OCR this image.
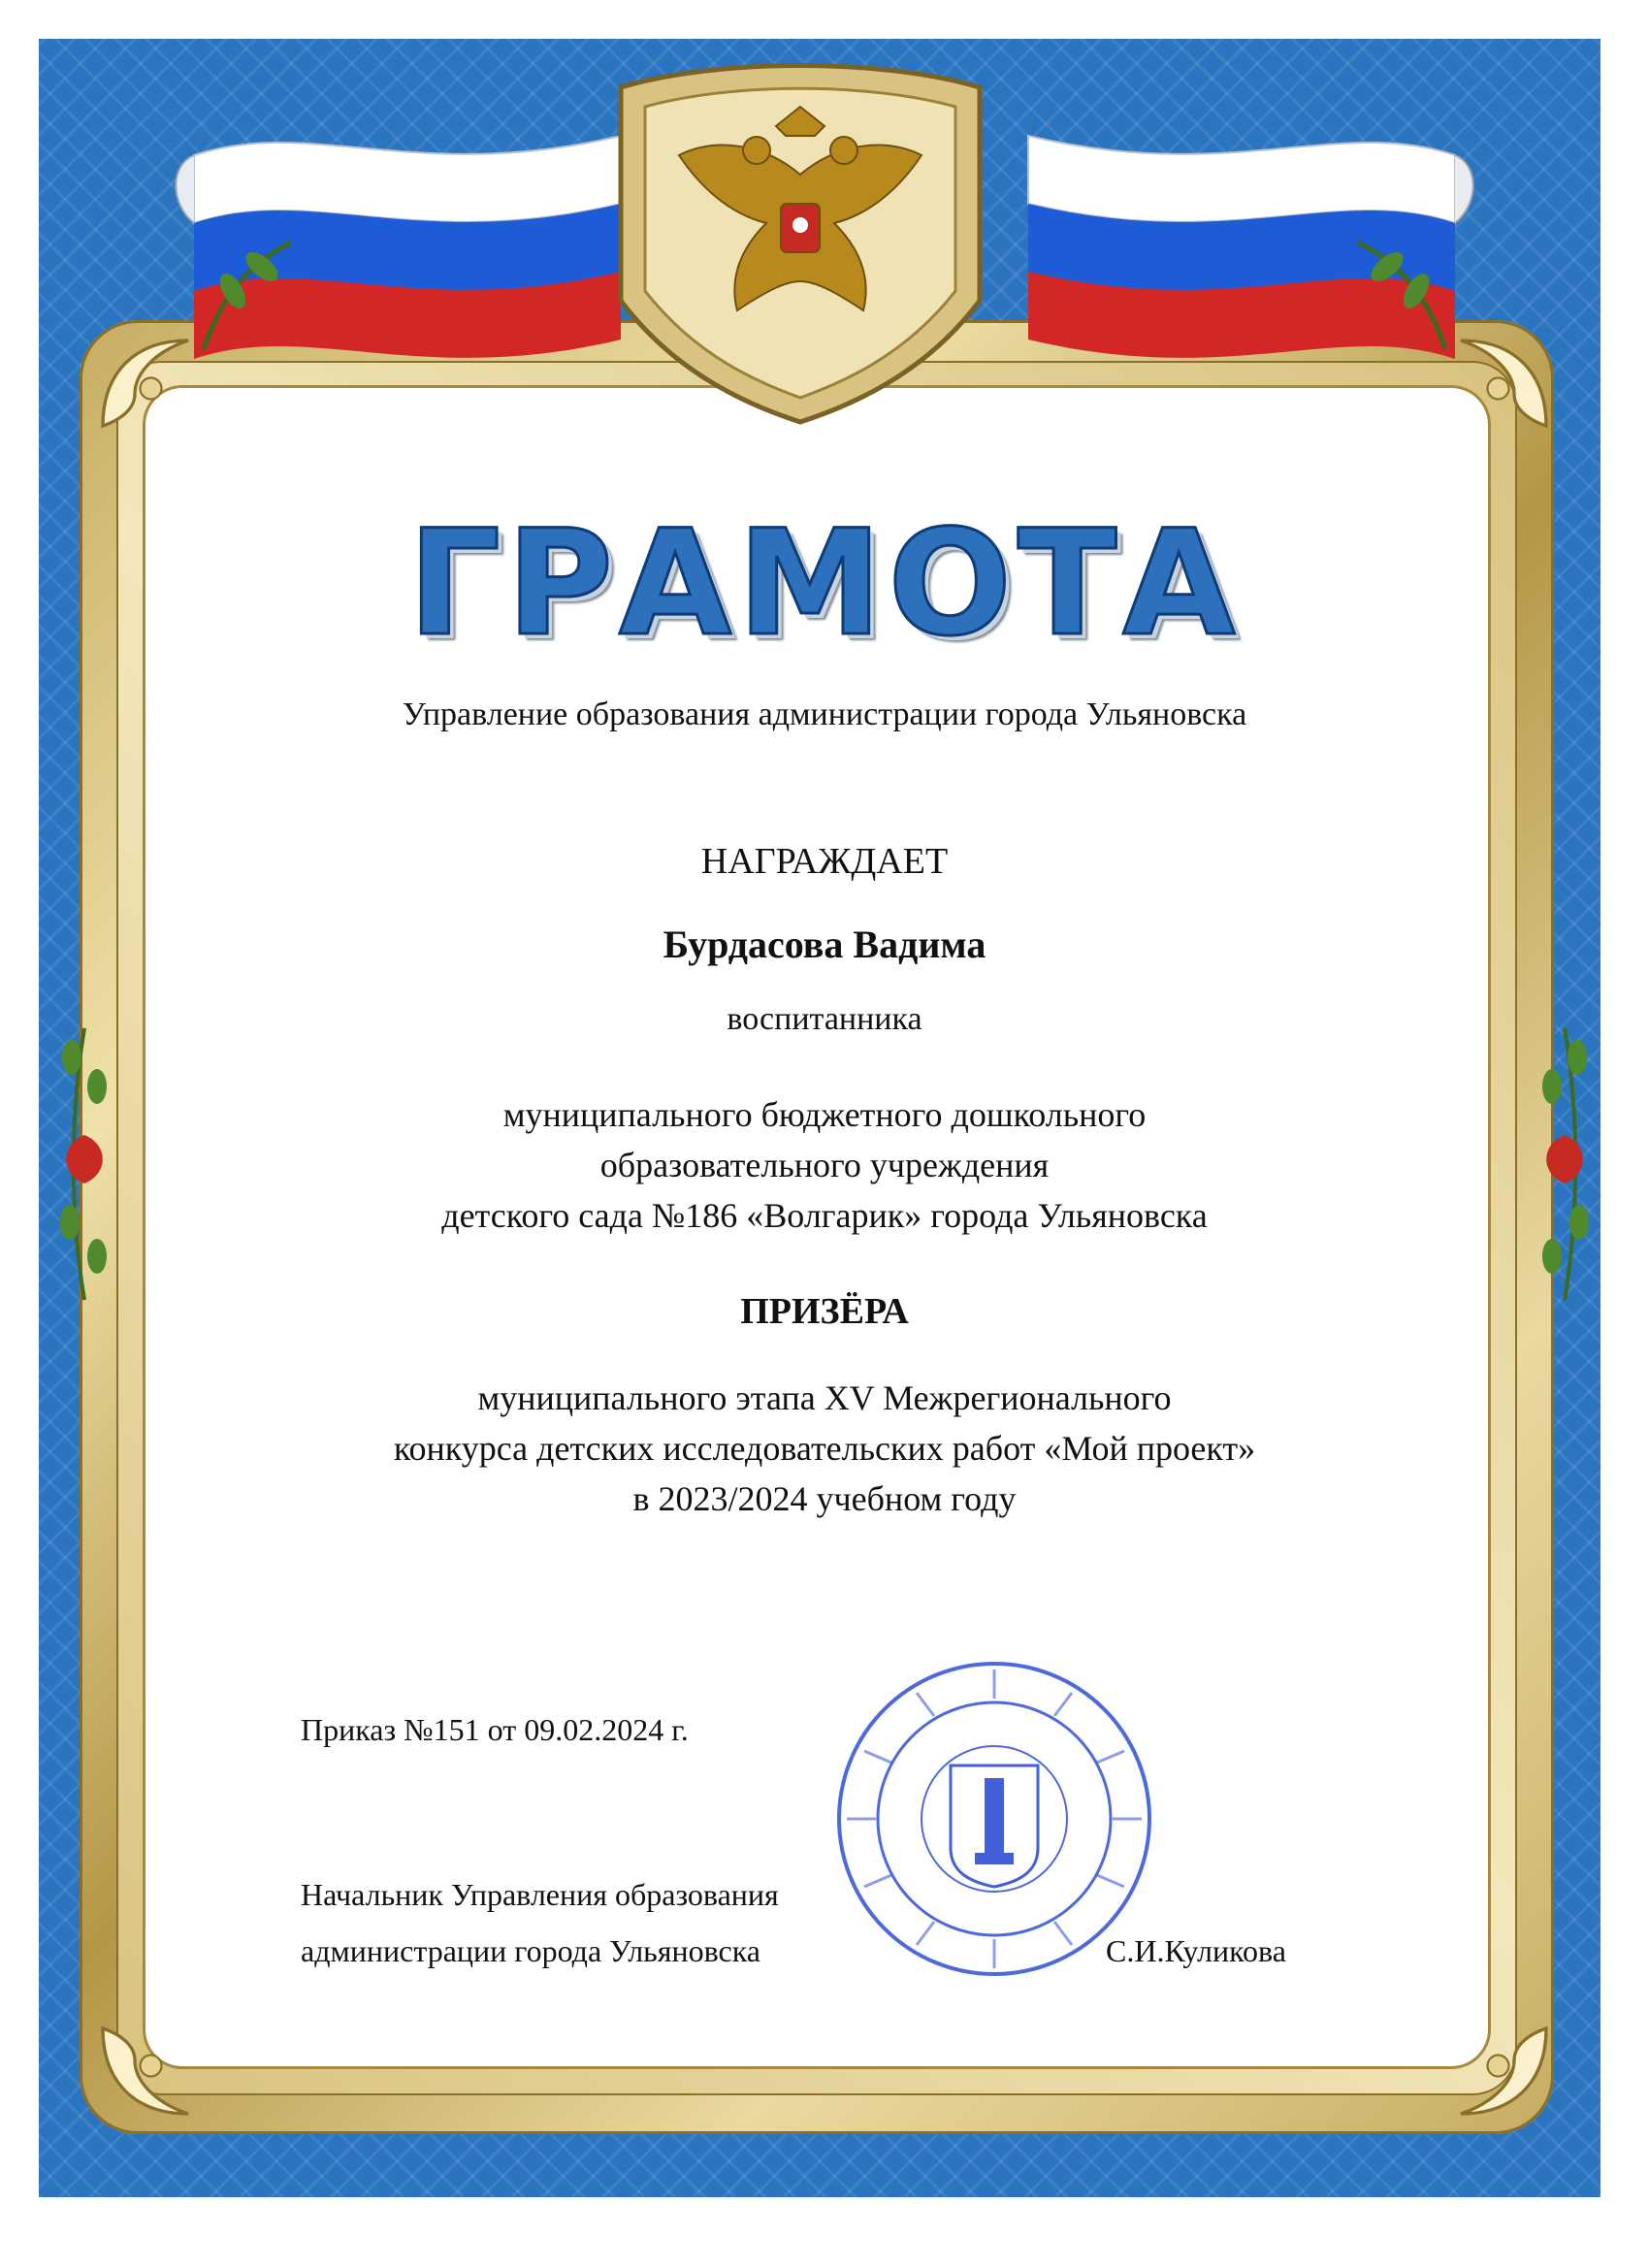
ГРАМОТА
Управление образования администрации города Ульяновска
НАГРАЖДАЕТ
Бурдасова Вадима
воспитанника
муниципального бюджетного дошкольного
образовательного учреждения
детского сада №186 «Волгарик» города Ульяновска
ПРИЗЁРА
муниципального этапа XV Межрегионального
конкурса детских исследовательских работ «Мой проект»
в 2023/2024 учебном году
Приказ №151 от 09.02.2024 г.
Начальник Управления образования
администрации города Ульяновска	С.И.Куликова
